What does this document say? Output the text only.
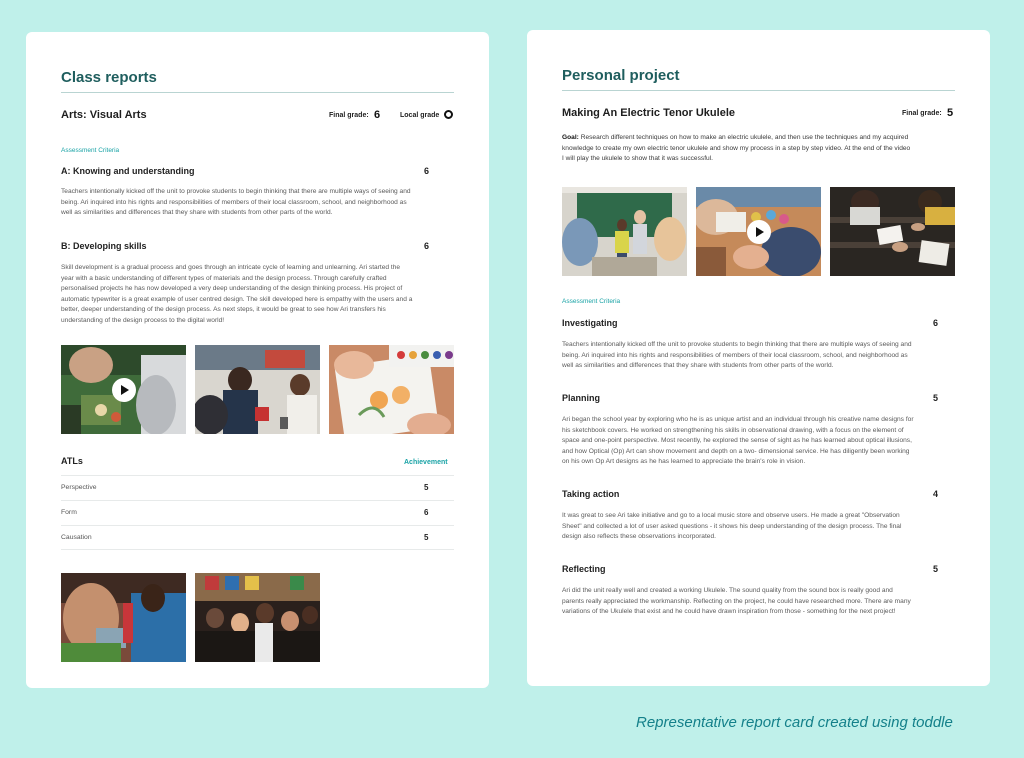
Class reports
Arts: Visual Arts	Final grade: 6	Local grade
Assessment Criteria
A: Knowing and understanding	6
Teachers intentionally kicked off the unit to provoke students to begin thinking that there are multiple ways of seeing and
being. Ari inquired into his rights and responsibilities of members of their local classroom, school, and neighborhood as
well as similarities and differences that they share with students from other parts of the world.
B: Developing skills	6
Skill development is a gradual process and goes through an intricate cycle of learning and unlearning. Ari started the
year with a basic understanding of different types of materials and the design process. Through carefully crafted
personalised projects he has now developed a very deep understanding of the design thinking process. His project of
automatic typewriter is a great example of user centred design. The skill developed here is empathy with the users and a
better, deeper understanding of the design process. As next steps, it would be great to see how Ari transfers his
understanding of the design process to the digital world!
ATLs	Achievement
Perspective	5
Form	6
Causation	5
Personal project
Making An Electric Tenor Ukulele	Final grade: 5
Goal: Research different techniques on how to make an electric ukulele, and then use the techniques and my acquired
knowledge to create my own electric tenor ukulele and show my process in a step by step video. At the end of the video
I will play the ukulele to show that it was successful.
Assessment Criteria
Investigating	6
Teachers intentionally kicked off the unit to provoke students to begin thinking that there are multiple ways of seeing and
being. Ari inquired into his rights and responsibilities of members of their local classroom, school, and neighborhood as
well as similarities and differences that they share with students from other parts of the world.
Planning	5
Ari began the school year by exploring who he is as unique artist and an individual through his creative name designs for
his sketchbook covers. He worked on strengthening his skills in observational drawing, with a focus on the element of
space and one-point perspective. Most recently, he explored the sense of sight as he has learned about optical illusions,
and how Optical (Op) Art can show movement and depth on a two- dimensional service. He has diligently been working
on his own Op Art designs as he has learned to appreciate the brain's role in vision.
Taking action	4
It was great to see Ari take initiative and go to a local music store and observe users. He made a great "Observation
Sheet" and collected a lot of user asked questions - it shows his deep understanding of the design process. The final
design also reflects these observations incorporated.
Reflecting	5
Ari did the unit really well and created a working Ukulele. The sound quality from the sound box is really good and
parents really appreciated the workmanship. Reflecting on the project, he could have researched more. There are many
variations of the Ukulele that exist and he could have drawn inspiration from those - something for the next project!
Representative report card created using toddle
